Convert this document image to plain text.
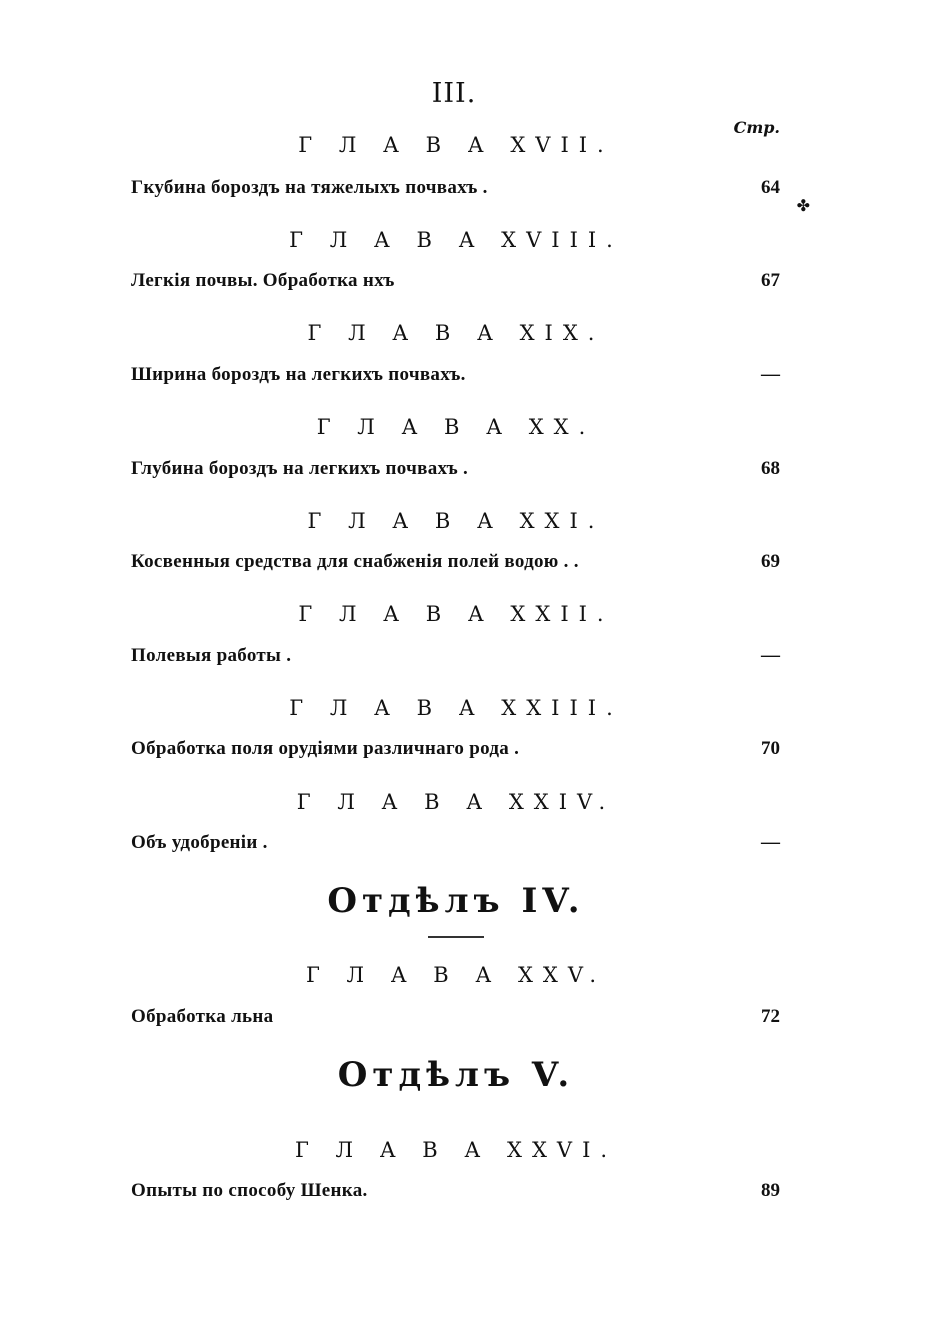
III.
Стр.
✤
Г Л А В А XVII.
Гкубина бороздъ на тяжелыхъ почвахъ .	64
Г Л А В А XVIII.
Легкія почвы. Обработка нхъ	67
Г Л А В А XIX.
Ширина бороздъ на легкихъ почвахъ.	—
Г Л А В А XX.
Глубина бороздъ на легкихъ почвахъ .	68
Г Л А В А XXI.
Косвенныя средства для снабженія полей водою . .	69
Г Л А В А XXII.
Полевыя работы .	—
Г Л А В А XXIII.
Обработка поля орудіями различнаго рода .	70
Г Л А В А XXIV.
Объ удобреніи .	—
Отдѣлъ IV.
Г Л А В А XXV.
Обработка льна	72
Отдѣлъ V.
Г Л А В А XXVI.
Опыты по способу Шенка.	89
